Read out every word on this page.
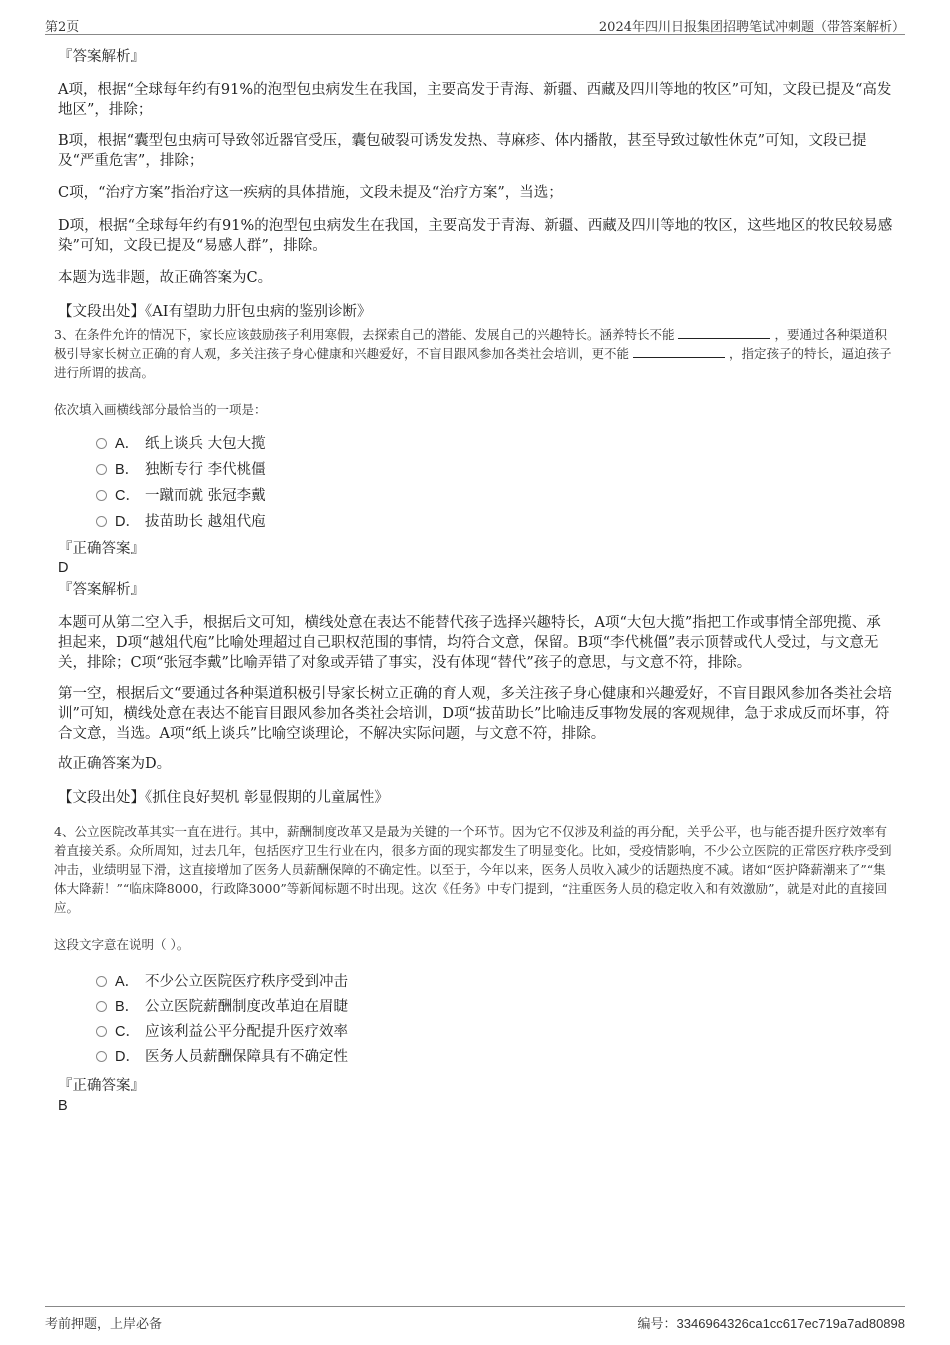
第2页	2024年四川日报集团招聘笔试冲刺题（带答案解析）

『答案解析』

A项，根据“全球每年约有91%的泡型包虫病发生在我国，主要高发于青海、新疆、西藏及四川等地的牧区”可知，文段已提及“高发地区”，排除；

B项，根据“囊型包虫病可导致邻近器官受压，囊包破裂可诱发发热、荨麻疹、体内播散，甚至导致过敏性休克”可知，文段已提及“严重危害”，排除；

C项，“治疗方案”指治疗这一疾病的具体措施，文段未提及“治疗方案”，当选；

D项，根据“全球每年约有91%的泡型包虫病发生在我国，主要高发于青海、新疆、西藏及四川等地的牧区，这些地区的牧民较易感染”可知，文段已提及“易感人群”，排除。

本题为选非题，故正确答案为C。

【文段出处】《AI有望助力肝包虫病的鉴别诊断》

3、在条件允许的情况下，家长应该鼓励孩子利用寒假，去探索自己的潜能、发展自己的兴趣特长。涵养特长不能	，要通过各种渠道积极引导家长树立正确的育人观，多关注孩子身心健康和兴趣爱好，不盲目跟风参加各类社会培训，更不能	，指定孩子的特长，逼迫孩子进行所谓的拔高。

依次填入画横线部分最恰当的一项是：

A． 纸上谈兵 大包大揽
B． 独断专行 李代桃僵
C． 一蹴而就 张冠李戴
D． 拔苗助长 越俎代庖

『正确答案』

D

『答案解析』

本题可从第二空入手，根据后文可知，横线处意在表达不能替代孩子选择兴趣特长，A项“大包大揽”指把工作或事情全部兜揽、承担起来，D项“越俎代庖”比喻处理超过自己职权范围的事情，均符合文意，保留。B项“李代桃僵”表示顶替或代人受过，与文意无关，排除；C项“张冠李戴”比喻弄错了对象或弄错了事实，没有体现“替代”孩子的意思，与文意不符，排除。

第一空，根据后文“要通过各种渠道积极引导家长树立正确的育人观，多关注孩子身心健康和兴趣爱好，不盲目跟风参加各类社会培训”可知，横线处意在表达不能盲目跟风参加各类社会培训，D项“拔苗助长”比喻违反事物发展的客观规律，急于求成反而坏事，符合文意，当选。A项“纸上谈兵”比喻空谈理论，不解决实际问题，与文意不符，排除。

故正确答案为D。

【文段出处】《抓住良好契机 彰显假期的儿童属性》

4、公立医院改革其实一直在进行。其中，薪酬制度改革又是最为关键的一个环节。因为它不仅涉及利益的再分配，关乎公平，也与能否提升医疗效率有着直接关系。众所周知，过去几年，包括医疗卫生行业在内，很多方面的现实都发生了明显变化。比如，受疫情影响，不少公立医院的正常医疗秩序受到冲击，业绩明显下滑，这直接增加了医务人员薪酬保障的不确定性。以至于，今年以来，医务人员收入减少的话题热度不减。诸如“医护降薪潮来了”“集体大降薪！”“临床降8000，行政降3000”等新闻标题不时出现。这次《任务》中专门提到，“注重医务人员的稳定收入和有效激励”，就是对此的直接回应。

这段文字意在说明（ ）。

A． 不少公立医院医疗秩序受到冲击
B． 公立医院薪酬制度改革迫在眉睫
C． 应该利益公平分配提升医疗效率
D． 医务人员薪酬保障具有不确定性

『正确答案』

B

考前押题，上岸必备	编号：3346964326ca1cc617ec719a7ad80898
